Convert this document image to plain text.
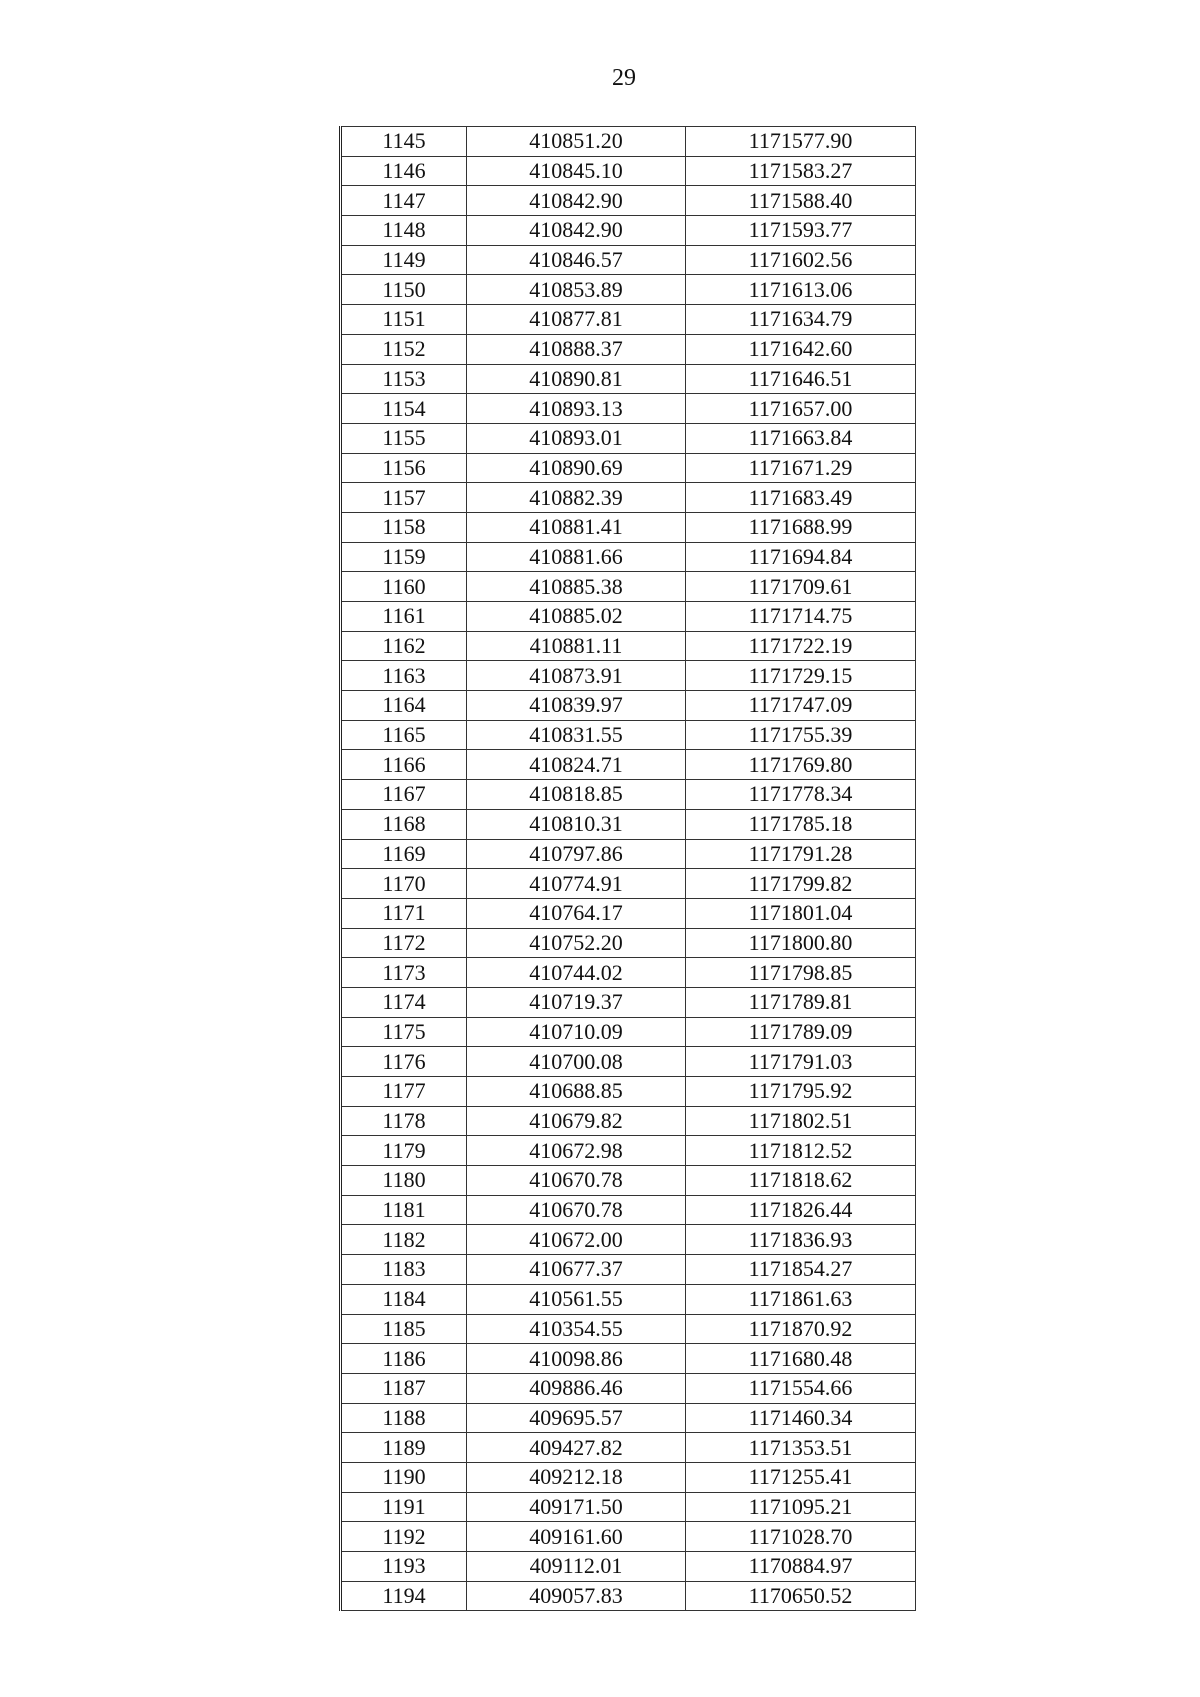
29
1145	410851.20	1171577.90
1146	410845.10	1171583.27
1147	410842.90	1171588.40
1148	410842.90	1171593.77
1149	410846.57	1171602.56
1150	410853.89	1171613.06
1151	410877.81	1171634.79
1152	410888.37	1171642.60
1153	410890.81	1171646.51
1154	410893.13	1171657.00
1155	410893.01	1171663.84
1156	410890.69	1171671.29
1157	410882.39	1171683.49
1158	410881.41	1171688.99
1159	410881.66	1171694.84
1160	410885.38	1171709.61
1161	410885.02	1171714.75
1162	410881.11	1171722.19
1163	410873.91	1171729.15
1164	410839.97	1171747.09
1165	410831.55	1171755.39
1166	410824.71	1171769.80
1167	410818.85	1171778.34
1168	410810.31	1171785.18
1169	410797.86	1171791.28
1170	410774.91	1171799.82
1171	410764.17	1171801.04
1172	410752.20	1171800.80
1173	410744.02	1171798.85
1174	410719.37	1171789.81
1175	410710.09	1171789.09
1176	410700.08	1171791.03
1177	410688.85	1171795.92
1178	410679.82	1171802.51
1179	410672.98	1171812.52
1180	410670.78	1171818.62
1181	410670.78	1171826.44
1182	410672.00	1171836.93
1183	410677.37	1171854.27
1184	410561.55	1171861.63
1185	410354.55	1171870.92
1186	410098.86	1171680.48
1187	409886.46	1171554.66
1188	409695.57	1171460.34
1189	409427.82	1171353.51
1190	409212.18	1171255.41
1191	409171.50	1171095.21
1192	409161.60	1171028.70
1193	409112.01	1170884.97
1194	409057.83	1170650.52
